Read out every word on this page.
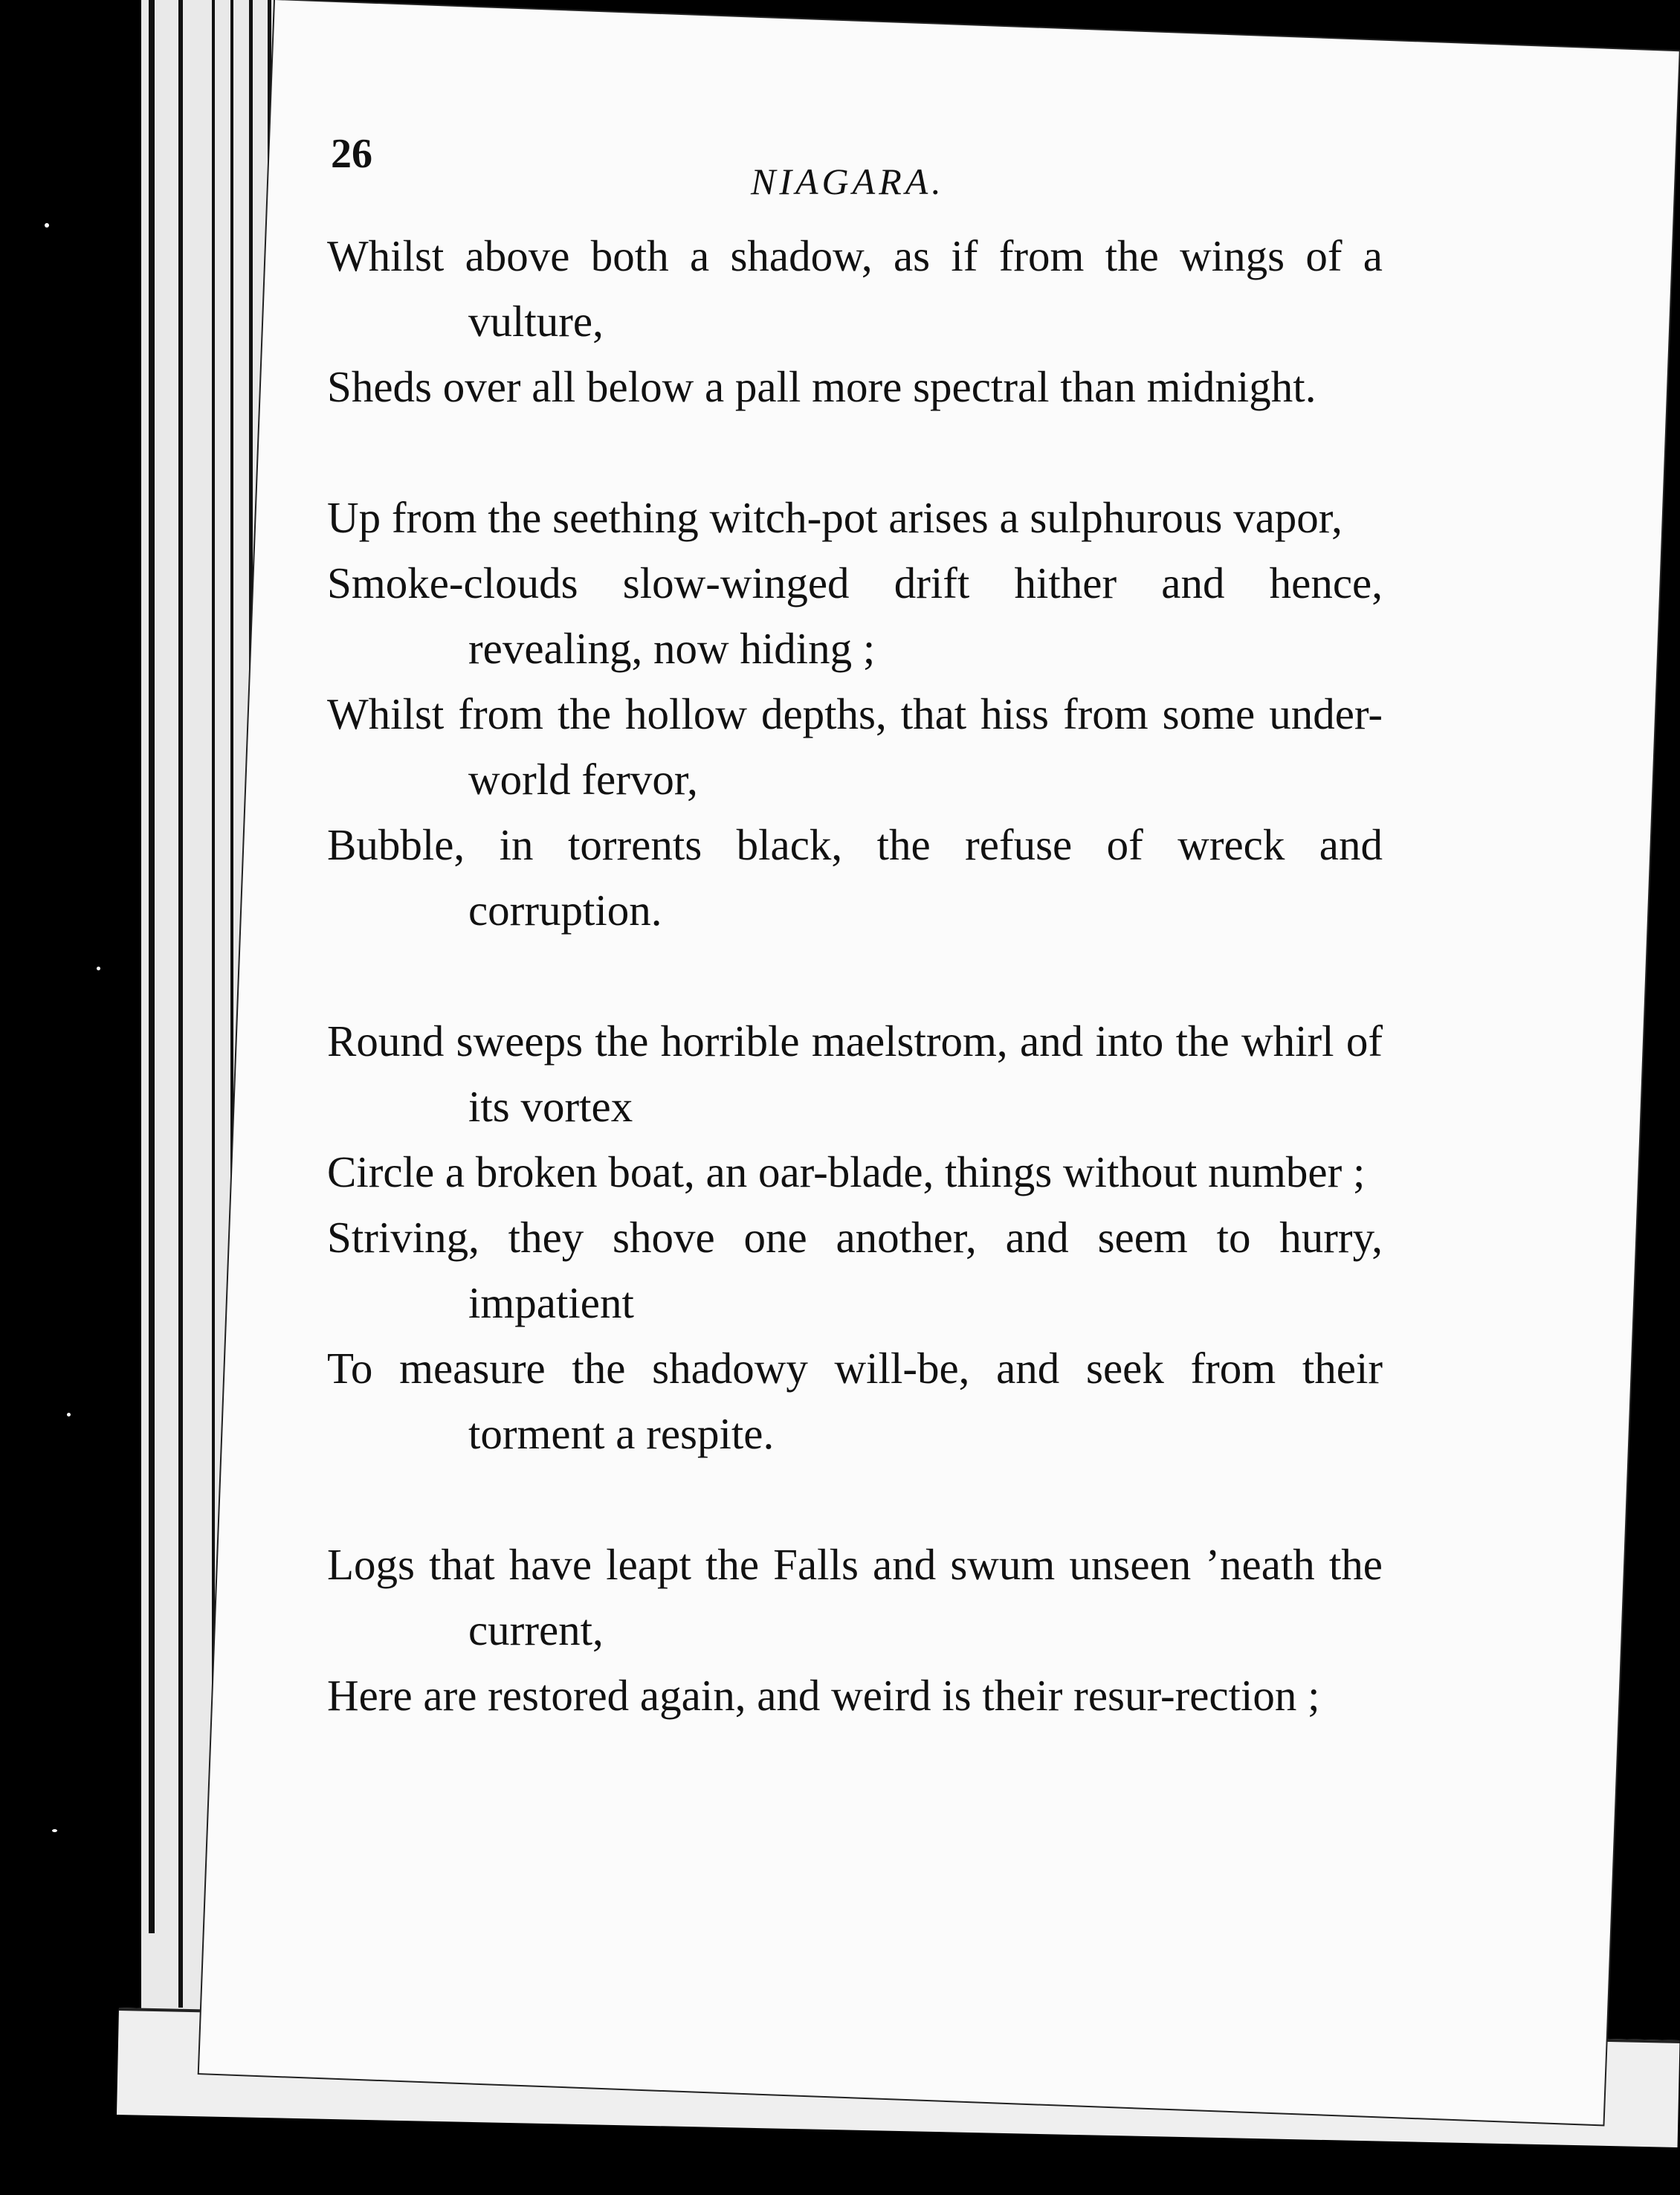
26
NIAGARA.

Whilst above both a shadow, as if from the wings of a vulture,

Sheds over all below a pall more spectral than midnight.

Up from the seething witch-pot arises a sulphurous vapor,

Smoke-clouds slow-winged drift hither and hence, revealing, now hiding ;

Whilst from the hollow depths, that hiss from some under-world fervor,

Bubble, in torrents black, the refuse of wreck and corruption.

Round sweeps the horrible maelstrom, and into the whirl of its vortex

Circle a broken boat, an oar-blade, things without number ;

Striving, they shove one another, and seem to hurry, impatient

To measure the shadowy will-be, and seek from their torment a respite.

Logs that have leapt the Falls and swum unseen ’neath the current,

Here are restored again, and weird is their resur-rection ;
